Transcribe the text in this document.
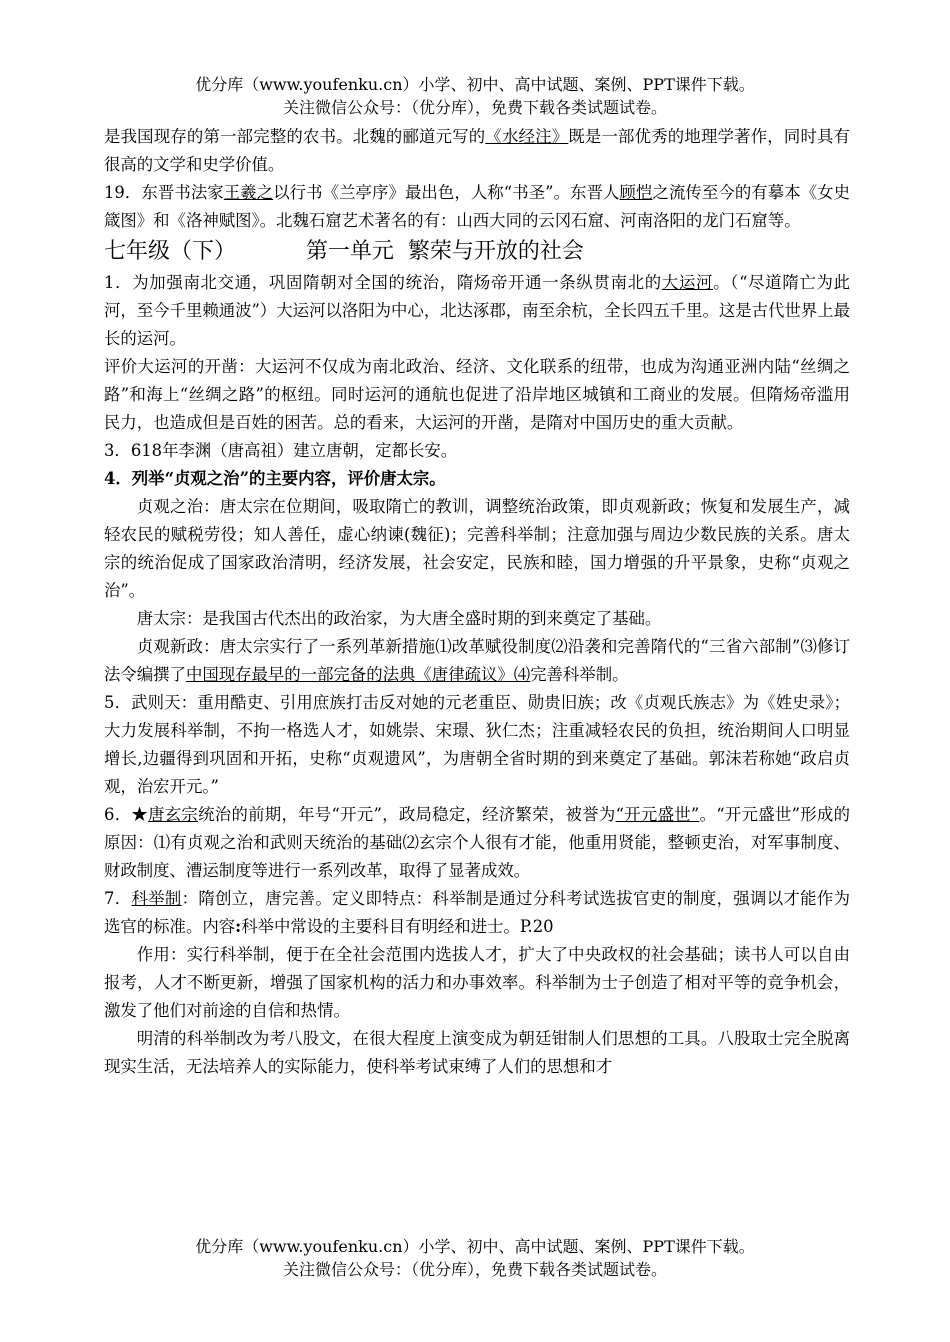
优分库（www.youfenku.cn）小学、初中、高中试题、案例、PPT课件下载。
关注微信公众号：（优分库），免费下载各类试题试卷。

是我国现存的第一部完整的农书。北魏的郦道元写的《水经注》既是一部优秀的地理学著作，同时具有很高的文学和史学价值。

19．东晋书法家王羲之以行书《兰亭序》最出色，人称“书圣”。东晋人顾恺之流传至今的有摹本《女史箴图》和《洛神赋图》。北魏石窟艺术著名的有：山西大同的云冈石窟、河南洛阳的龙门石窟等。

七年级（下）          第一单元  繁荣与开放的社会

1．为加强南北交通，巩固隋朝对全国的统治，隋炀帝开通一条纵贯南北的大运河。（“尽道隋亡为此河，至今千里赖通波”）大运河以洛阳为中心，北达涿郡，南至余杭，全长四五千里。这是古代世界上最长的运河。

评价大运河的开凿：大运河不仅成为南北政治、经济、文化联系的纽带，也成为沟通亚洲内陆“丝绸之路”和海上“丝绸之路”的枢纽。同时运河的通航也促进了沿岸地区城镇和工商业的发展。但隋炀帝滥用民力，也造成但是百姓的困苦。总的看来，大运河的开凿，是隋对中国历史的重大贡献。

3．618年李渊（唐高祖）建立唐朝，定都长安。

4．列举“贞观之治”的主要内容，评价唐太宗。

贞观之治：唐太宗在位期间，吸取隋亡的教训，调整统治政策，即贞观新政；恢复和发展生产，减轻农民的赋税劳役；知人善任，虚心纳谏(魏征)；完善科举制；注意加强与周边少数民族的关系。唐太宗的统治促成了国家政治清明，经济发展，社会安定，民族和睦，国力增强的升平景象，史称“贞观之治”。

唐太宗：是我国古代杰出的政治家，为大唐全盛时期的到来奠定了基础。

贞观新政：唐太宗实行了一系列革新措施⑴改革赋役制度⑵沿袭和完善隋代的“三省六部制”⑶修订法令编撰了中国现存最早的一部完备的法典《唐律疏议》⑷完善科举制。

5．武则天：重用酷吏、引用庶族打击反对她的元老重臣、勋贵旧族；改《贞观氏族志》为《姓史录》；大力发展科举制，不拘一格选人才，如姚崇、宋璟、狄仁杰；注重减轻农民的负担，统治期间人口明显增长,边疆得到巩固和开拓，史称“贞观遗风”，为唐朝全省时期的到来奠定了基础。郭沫若称她“政启贞观，治宏开元。”

6．★唐玄宗统治的前期，年号“开元”，政局稳定，经济繁荣，被誉为“开元盛世”。“开元盛世”形成的原因：⑴有贞观之治和武则天统治的基础⑵玄宗个人很有才能，他重用贤能，整顿吏治，对军事制度、财政制度、漕运制度等进行一系列改革，取得了显著成效。

7．科举制：隋创立，唐完善。定义即特点：科举制是通过分科考试选拔官吏的制度，强调以才能作为选官的标准。内容:科举中常设的主要科目有明经和进士。P.20

作用：实行科举制，便于在全社会范围内选拔人才，扩大了中央政权的社会基础；读书人可以自由报考，人才不断更新，增强了国家机构的活力和办事效率。科举制为士子创造了相对平等的竞争机会，激发了他们对前途的自信和热情。

明清的科举制改为考八股文，在很大程度上演变成为朝廷钳制人们思想的工具。八股取士完全脱离现实生活，无法培养人的实际能力，使科举考试束缚了人们的思想和才

优分库（www.youfenku.cn）小学、初中、高中试题、案例、PPT课件下载。
关注微信公众号：（优分库），免费下载各类试题试卷。
